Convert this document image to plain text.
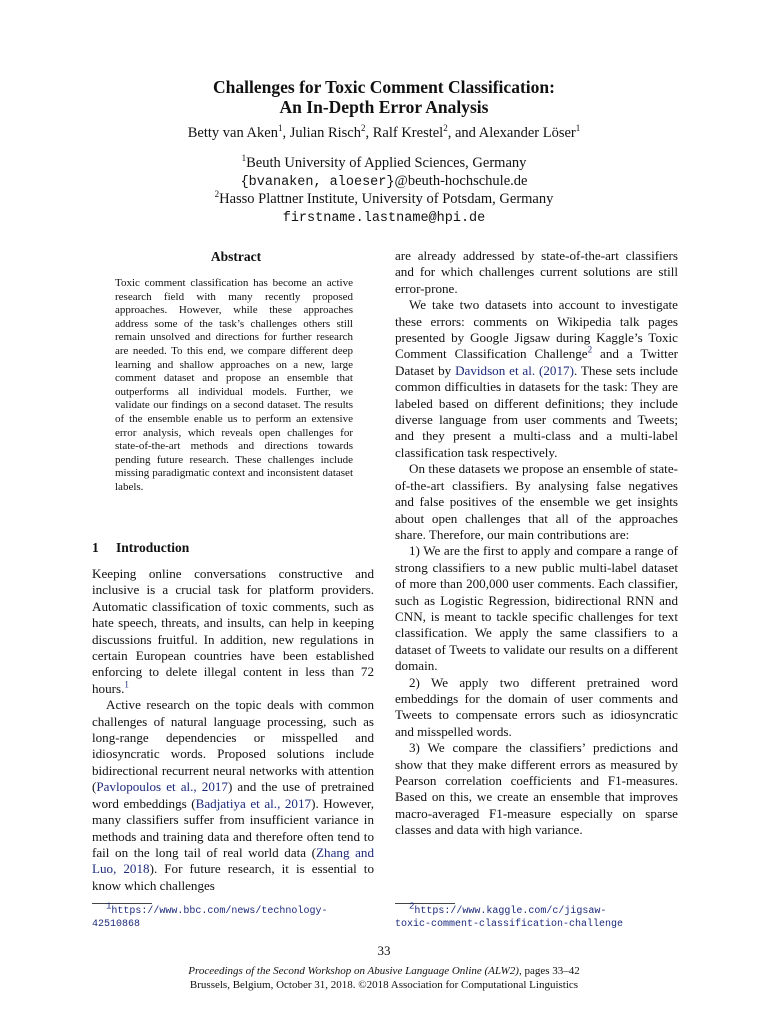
Challenges for Toxic Comment Classification:
An In-Depth Error Analysis
Betty van Aken$^1$, Julian Risch$^2$, Ralf Krestel$^2$, and Alexander Löser$^1$
$^1$Beuth University of Applied Sciences, Germany
{bvanaken, aloeser}@beuth-hochschule.de
$^2$Hasso Plattner Institute, University of Potsdam, Germany
firstname.lastname@hpi.de
Abstract
Toxic comment classification has become an active research field with many recently proposed approaches. However, while these approaches address some of the task’s challenges others still remain unsolved and directions for further research are needed. To this end, we compare different deep learning and shallow approaches on a new, large comment dataset and propose an ensemble that outperforms all individual models. Further, we validate our findings on a second dataset. The results of the ensemble enable us to perform an extensive error analysis, which reveals open challenges for state-of-the-art methods and directions towards pending future research. These challenges include missing paradigmatic context and inconsistent dataset labels.
1 Introduction

Keeping online conversations constructive and inclusive is a crucial task for platform providers. Automatic classification of toxic comments, such as hate speech, threats, and insults, can help in keeping discussions fruitful. In addition, new regulations in certain European countries have been established enforcing to delete illegal content in less than 72 hours.$^1$

Active research on the topic deals with common challenges of natural language processing, such as long-range dependencies or misspelled and idiosyncratic words. Proposed solutions include bidirectional recurrent neural networks with attention (Pavlopoulos et al., 2017) and the use of pretrained word embeddings (Badjatiya et al., 2017). However, many classifiers suffer from insufficient variance in methods and training data and therefore often tend to fail on the long tail of real world data (Zhang and Luo, 2018). For future research, it is essential to know which challenges

are already addressed by state-of-the-art classifiers and for which challenges current solutions are still error-prone.

We take two datasets into account to investigate these errors: comments on Wikipedia talk pages presented by Google Jigsaw during Kaggle’s Toxic Comment Classification Challenge$^2$ and a Twitter Dataset by Davidson et al. (2017). These sets include common difficulties in datasets for the task: They are labeled based on different definitions; they include diverse language from user comments and Tweets; and they present a multi-class and a multi-label classification task respectively.

On these datasets we propose an ensemble of state-of-the-art classifiers. By analysing false negatives and false positives of the ensemble we get insights about open challenges that all of the approaches share. Therefore, our main contributions are:

1) We are the first to apply and compare a range of strong classifiers to a new public multi-label dataset of more than 200,000 user comments. Each classifier, such as Logistic Regression, bidirectional RNN and CNN, is meant to tackle specific challenges for text classification. We apply the same classifiers to a dataset of Tweets to validate our results on a different domain.

2) We apply two different pretrained word embeddings for the domain of user comments and Tweets to compensate errors such as idiosyncratic and misspelled words.

3) We compare the classifiers’ predictions and show that they make different errors as measured by Pearson correlation coefficients and F1-measures. Based on this, we create an ensemble that improves macro-averaged F1-measure especially on sparse classes and data with high variance.

$^1$https://www.bbc.com/news/technology-
42510868
$^2$https://www.kaggle.com/c/jigsaw-
toxic-comment-classification-challenge
33
Proceedings of the Second Workshop on Abusive Language Online (ALW2), pages 33–42
Brussels, Belgium, October 31, 2018. ©2018 Association for Computational Linguistics
